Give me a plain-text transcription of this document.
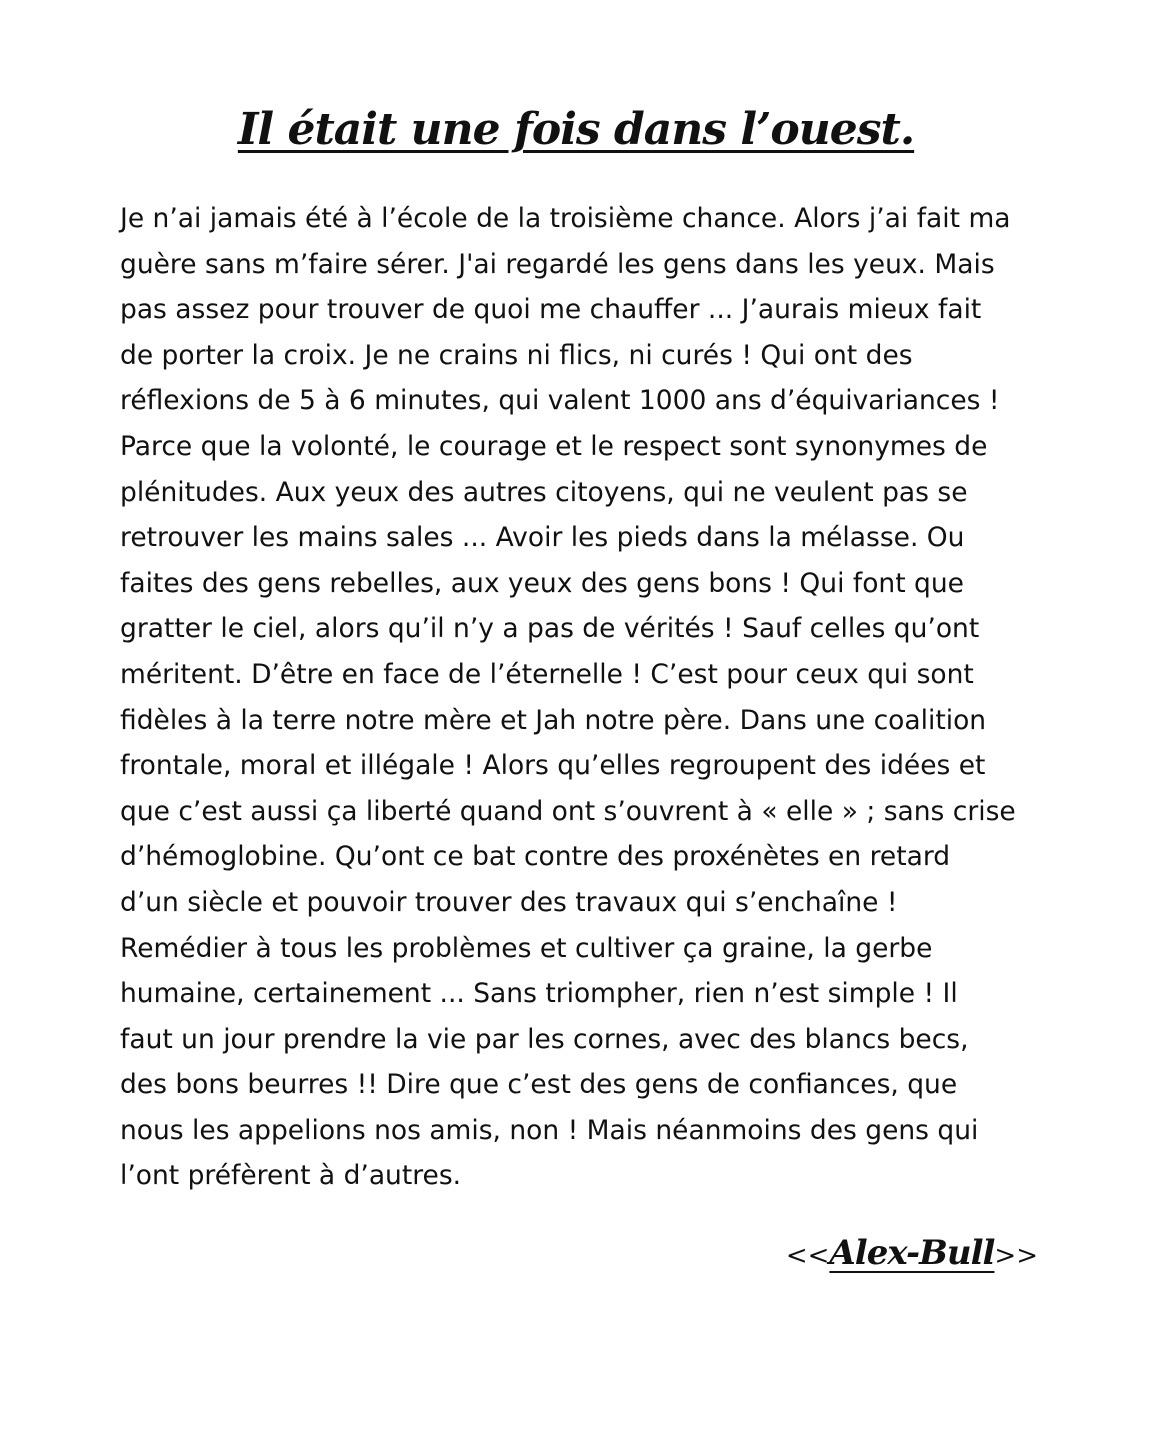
Il était une fois dans l’ouest.
Je n’ai jamais été à l’école de la troisième chance. Alors j’ai fait ma
guère sans m’faire sérer. J'ai regardé les gens dans les yeux. Mais
pas assez pour trouver de quoi me chauffer ... J’aurais mieux fait
de porter la croix. Je ne crains ni flics, ni curés ! Qui ont des
réflexions de 5 à 6 minutes, qui valent 1000 ans d’équivariances !
Parce que la volonté, le courage et le respect sont synonymes de
plénitudes. Aux yeux des autres citoyens, qui ne veulent pas se
retrouver les mains sales ... Avoir les pieds dans la mélasse. Ou
faites des gens rebelles, aux yeux des gens bons ! Qui font que
gratter le ciel, alors qu’il n’y a pas de vérités ! Sauf celles qu’ont
méritent. D’être en face de l’éternelle ! C’est pour ceux qui sont
fidèles à la terre notre mère et Jah notre père. Dans une coalition
frontale, moral et illégale ! Alors qu’elles regroupent des idées et
que c’est aussi ça liberté quand ont s’ouvrent à « elle » ; sans crise
d’hémoglobine. Qu’ont ce bat contre des proxénètes en retard
d’un siècle et pouvoir trouver des travaux qui s’enchaîne !
Remédier à tous les problèmes et cultiver ça graine, la gerbe
humaine, certainement ... Sans triompher, rien n’est simple ! Il
faut un jour prendre la vie par les cornes, avec des blancs becs,
des bons beurres !! Dire que c’est des gens de confiances, que
nous les appelions nos amis, non ! Mais néanmoins des gens qui
l’ont préfèrent à d’autres.
<<Alex-Bull>>
